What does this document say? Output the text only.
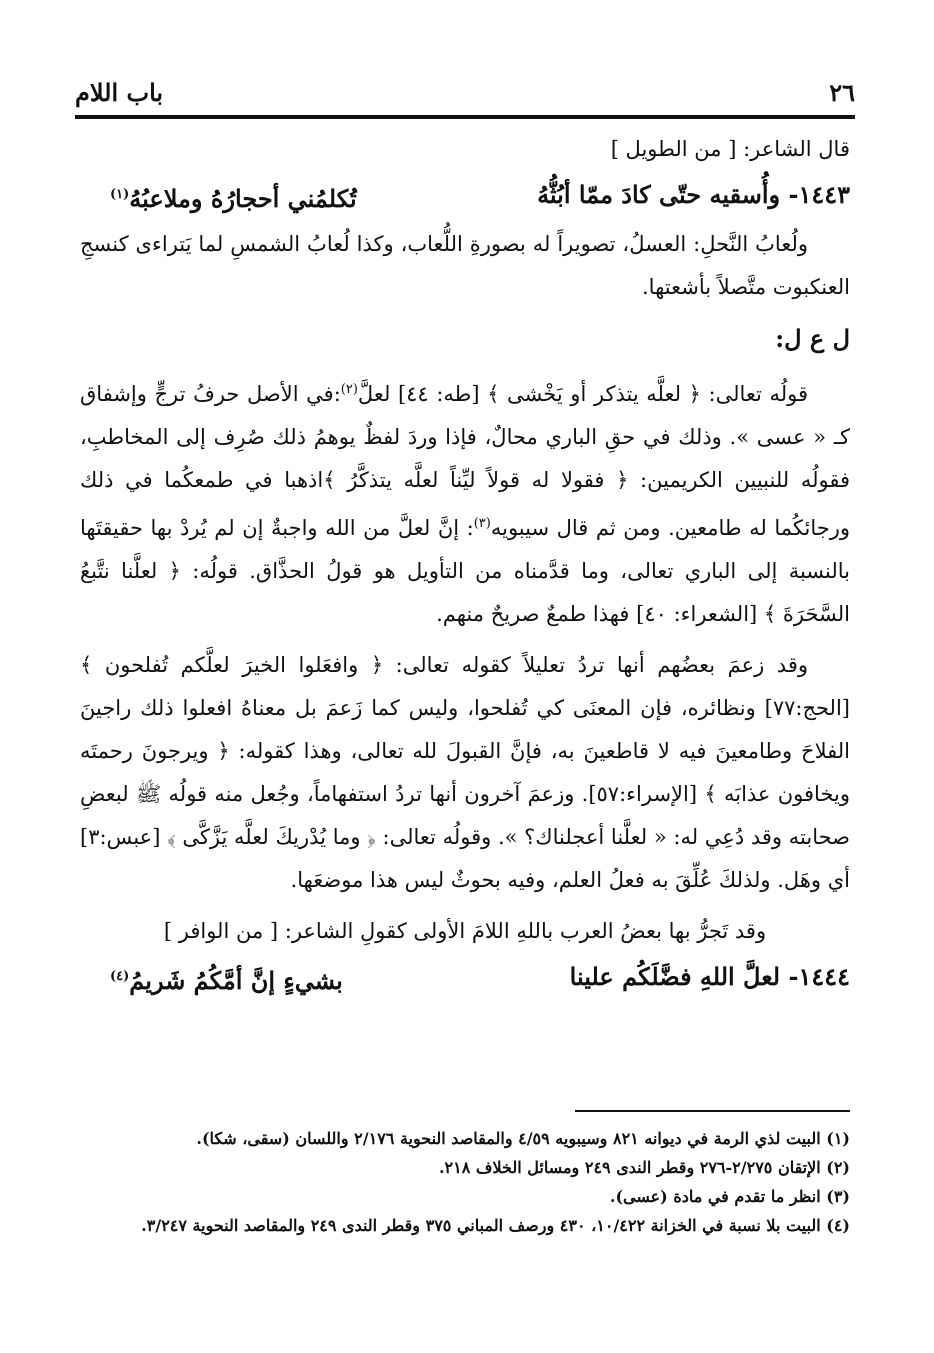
باب اللام	٢٦

قال الشاعر: [ من الطويل ]

١٤٤٣- وأُسقيه حتّى كادَ ممّا أبُثُّهُ
تُكلمُني أحجارُهُ وملاعبُهُ$^{(١)}$

ولُعابُ النَّحلِ: العسلُ، تصويراً له بصورةِ اللُّعاب، وكذا لُعابُ الشمسِ لما يَتراءى كنسجِ العنكبوت متَّصلاً بأشعتها.

ل ع ل:

قولُه تعالى: ﴿ لعلَّه يتذكر أو يَخْشى ﴾ [طه: ٤٤] لعلَّ$^{(٢)}$:في الأصل حرفُ ترجٍّ وإشفاق كـ « عسى ». وذلك في حقِ الباري محالٌ، فإذا وردَ لفظٌ يوهمُ ذلك صُرِف إلى المخاطبِ، فقولُه للنبيين الكريمين: ﴿ فقولا له قولاً ليِّناً لعلَّه يتذكَّرُ ﴾اذهبا في طمعكُما في ذلك ورجائكُما له طامعين. ومن ثم قال سيبويه$^{(٣)}$: إنَّ لعلَّ من الله واجبةٌ إن لم يُردْ بها حقيقتَها بالنسبة إلى الباري تعالى، وما قدَّمناه من التأويل هو قولُ الحذَّاق. قولُه: ﴿ لعلَّنا نتَّبعُ السَّحَرَةَ ﴾ [الشعراء: ٤٠] فهذا طمعٌ صريحٌ منهم.

وقد زعمَ بعضُهم أنها تردُ تعليلاً كقوله تعالى: ﴿ وافعَلوا الخيرَ لعلَّكم تُفلحون ﴾ [الحج:٧٧] ونظائره، فإن المعنَى كي تُفلحوا، وليس كما زَعمَ بل معناهُ افعلوا ذلك راجينَ الفلاحَ وطامعينَ فيه لا قاطعينَ به، فإنَّ القبولَ لله تعالى، وهذا كقوله: ﴿ ويرجونَ رحمتَه ويخافون عذابَه ﴾ [الإسراء:٥٧]. وزعمَ آخرون أنها تردُ استفهاماً، وجُعل منه قولُه ﷺ لبعضِ صحابته وقد دُعِي له: « لعلَّنا أعجلناك؟ ». وقولُه تعالى: ﴿ وما يُدْريكَ لعلَّه يَزَّكَّى ﴾ [عبس:٣] أي وهَل. ولذلكَ عُلِّقَ به فعلُ العلم، وفيه بحوثٌ ليس هذا موضعَها.

وقد تَجرُّ بها بعضُ العرب باللهِ اللامَ الأولى كقولِ الشاعر: [ من الوافر ]

١٤٤٤- لعلَّ اللهِ فضَّلَكُم علينا
بشيءٍ إنَّ أمَّكُمُ شَريمُ$^{(٤)}$

(١) البيت لذي الرمة في ديوانه ٨٢١ وسيبويه ٤/٥٩ والمقاصد النحوية ٢/١٧٦ واللسان (سقى، شكا).

(٢) الإتقان ٢/٢٧٥-٢٧٦ وقطر الندى ٢٤٩ ومسائل الخلاف ٢١٨.

(٣) انظر ما تقدم في مادة (عسى).

(٤) البيت بلا نسبة في الخزانة ١٠/٤٢٢، ٤٣٠ ورصف المباني ٣٧٥ وقطر الندى ٢٤٩ والمقاصد النحوية ٣/٢٤٧.
